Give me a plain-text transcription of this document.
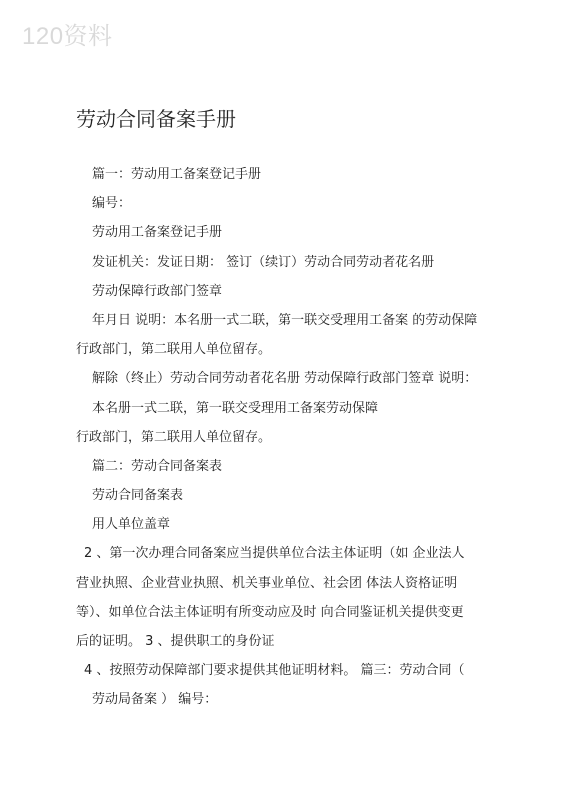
120资料
劳动合同备案手册
篇一：劳动用工备案登记手册
编号：
劳动用工备案登记手册
发证机关：发证日期： 签订（续订）劳动合同劳动者花名册
劳动保障行政部门签章
年月日 说明：本名册一式二联，第一联交受理用工备案 的劳动保障
行政部门，第二联用人单位留存。
解除（终止）劳动合同劳动者花名册 劳动保障行政部门签章 说明：
本名册一式二联，第一联交受理用工备案劳动保障
行政部门，第二联用人单位留存。
篇二：劳动合同备案表
劳动合同备案表
用人单位盖章
2 、第一次办理合同备案应当提供单位合法主体证明（如 企业法人
营业执照、企业营业执照、机关事业单位、社会团 体法人资格证明
等）、如单位合法主体证明有所变动应及时 向合同鉴证机关提供变更
后的证明。 3 、提供职工的身份证
4 、按照劳动保障部门要求提供其他证明材料。 篇三：劳动合同（
劳动局备案 ） 编号：
